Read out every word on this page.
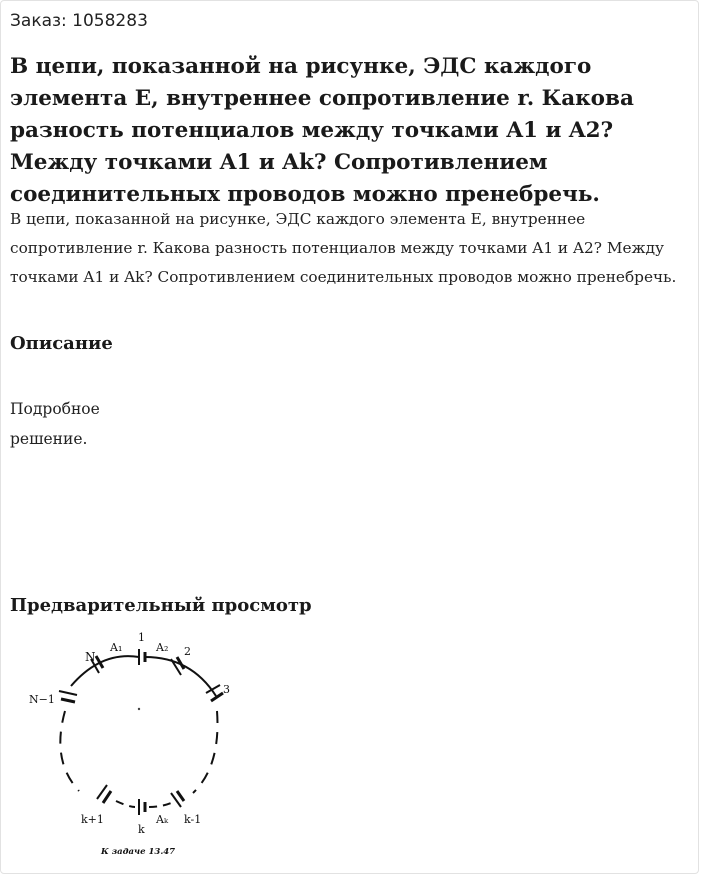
Заказ: 1058283
В цепи, показанной на рисунке, ЭДС каждого элемента E, внутреннее сопротивление r. Какова разность потенциалов между точками A1 и A2? Между точками A1 и Ak? Сопротивлением соединительных проводов можно пренебречь.

В цепи, показанной на рисунке, ЭДС каждого элемента E, внутреннее сопротивление r. Какова разность потенциалов между точками A1 и A2? Между точками A1 и Ak? Сопротивлением соединительных проводов можно пренебречь.

Описание
Подробное
решение.
Предварительный просмотр
N
A₁
1
A₂ 2
3
N−1
k+1
k
Aₖ k-1
К задаче 13.47
